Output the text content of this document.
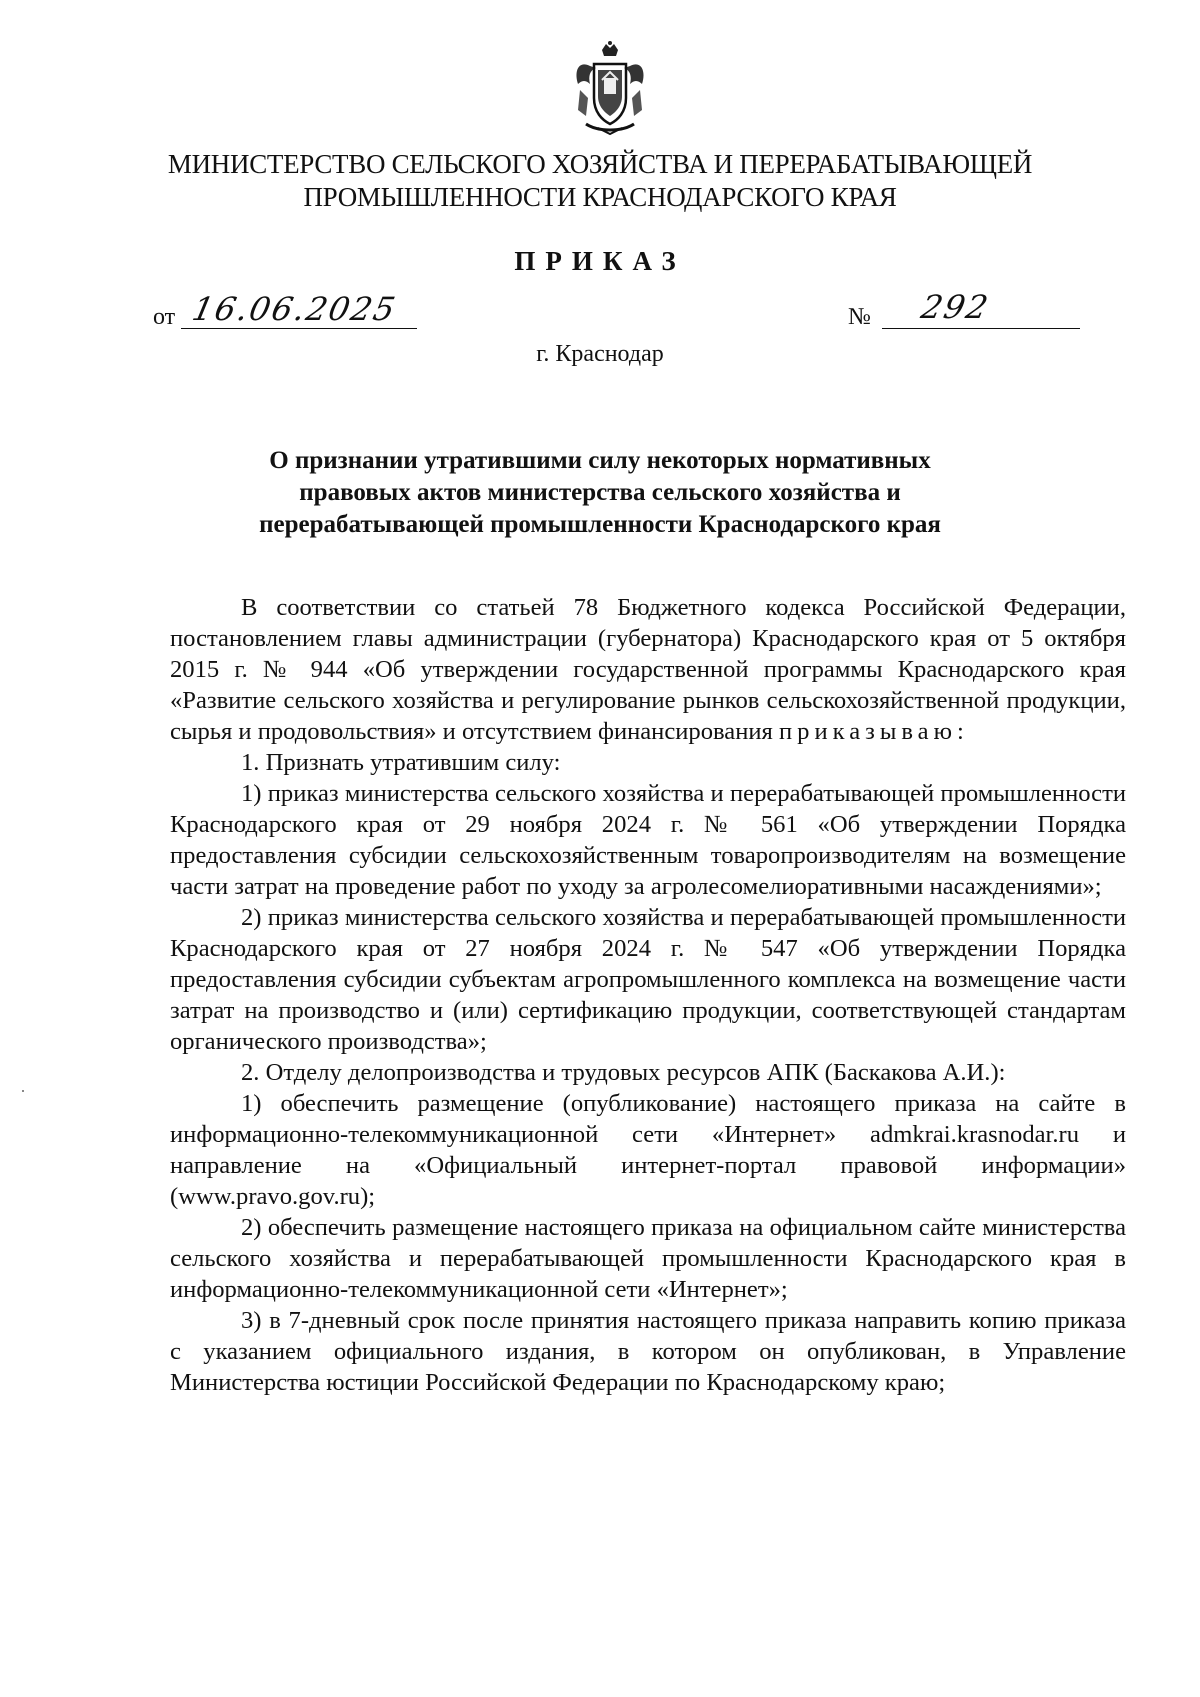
МИНИСТЕРСТВО СЕЛЬСКОГО ХОЗЯЙСТВА И ПЕРЕРАБАТЫВАЮЩЕЙ
ПРОМЫШЛЕННОСТИ КРАСНОДАРСКОГО КРАЯ
ПРИКАЗ
от 16.06.2025	№ 292
г. Краснодар
О признании утратившими силу некоторых нормативных
правовых актов министерства сельского хозяйства и
перерабатывающей промышленности Краснодарского края

В соответствии со статьей 78 Бюджетного кодекса Российской Федерации, постановлением главы администрации (губернатора) Краснодарского края от 5 октября 2015 г. № 944 «Об утверждении государственной программы Краснодарского края «Развитие сельского хозяйства и регулирование рынков сельскохозяйственной продукции, сырья и продовольствия» и отсутствием финансирования приказываю:

1. Признать утратившим силу:

1) приказ министерства сельского хозяйства и перерабатывающей промышленности Краснодарского края от 29 ноября 2024 г. № 561 «Об утверждении Порядка предоставления субсидии сельскохозяйственным товаропроизводителям на возмещение части затрат на проведение работ по уходу за агролесомелиоративными насаждениями»;

2) приказ министерства сельского хозяйства и перерабатывающей промышленности Краснодарского края от 27 ноября 2024 г. № 547 «Об утверждении Порядка предоставления субсидии субъектам агропромышленного комплекса на возмещение части затрат на производство и (или) сертификацию продукции, соответствующей стандартам органического производства»;

2. Отделу делопроизводства и трудовых ресурсов АПК (Баскакова А.И.):

1) обеспечить размещение (опубликование) настоящего приказа на сайте в информационно-телекоммуникационной сети «Интернет» admkrai.krasnodar.ru и направление на «Официальный интернет-портал правовой информации» (www.pravo.gov.ru);

2) обеспечить размещение настоящего приказа на официальном сайте министерства сельского хозяйства и перерабатывающей промышленности Краснодарского края в информационно-телекоммуникационной сети «Интернет»;

3) в 7-дневный срок после принятия настоящего приказа направить копию приказа с указанием официального издания, в котором он опубликован, в Управление Министерства юстиции Российской Федерации по Краснодарскому краю;
